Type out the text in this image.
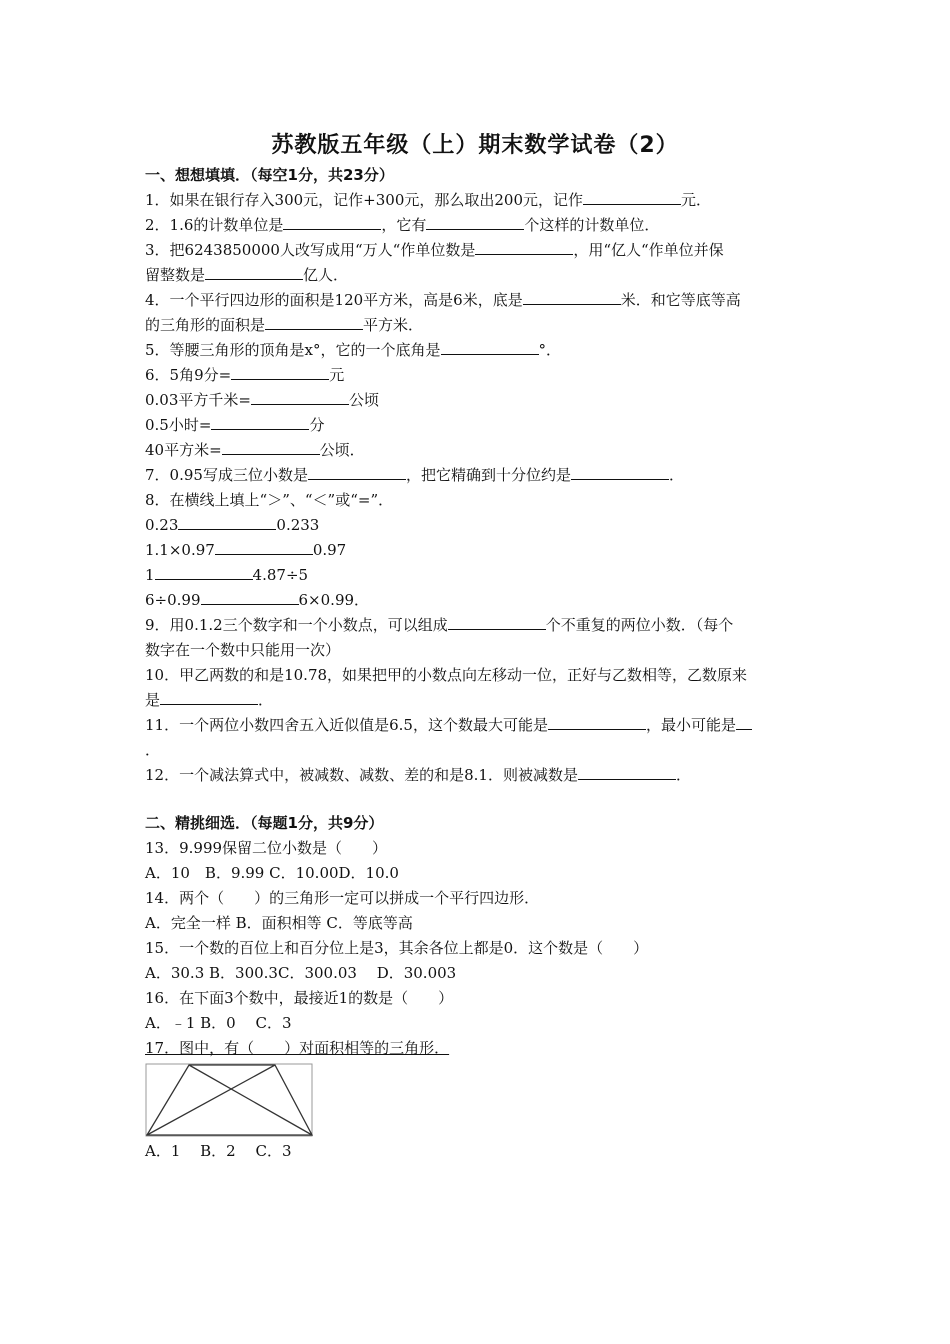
苏教版五年级（上）期末数学试卷（2）
一、想想填填．（每空1分，共23分）
1．如果在银行存入300元，记作+300元，那么取出200元，记作	元．
2．1.6的计数单位是	，它有	个这样的计数单位．
3．把6243850000人改写成用“万人“作单位数是	，用“亿人“作单位并保
留整数是	亿人．
4．一个平行四边形的面积是120平方米，高是6米，底是	米．和它等底等高
的三角形的面积是	平方米．
5．等腰三角形的顶角是x°，它的一个底角是	°．
6．5角9分=	元
0.03平方千米=	公顷
0.5小时=	分
40平方米=	公顷．
7．0.95写成三位小数是	，把它精确到十分位约是	．
8．在横线上填上“＞”、“＜”或“=”．
0.23	0.233
1.1×0.97	0.97
1	4.87÷5
6÷0.99	6×0.99．
9．用0.1.2三个数字和一个小数点，可以组成	个不重复的两位小数．（每个
数字在一个数中只能用一次）
10．甲乙两数的和是10.78，如果把甲的小数点向左移动一位，正好与乙数相等，乙数原来
是	．
11．一个两位小数四舍五入近似值是6.5，这个数最大可能是	，最小可能是
．
12．一个减法算式中，被减数、减数、差的和是8.1．则被减数是	．
二、精挑细选．（每题1分，共9分）
13．9.999保留二位小数是（　　）
A．10　B．9.99 C．10.00D．10.0
14．两个（　　）的三角形一定可以拼成一个平行四边形．
A．完全一样 B．面积相等 C．等底等高
15．一个数的百位上和百分位上是3，其余各位上都是0．这个数是（　　）
A．30.3 B．300.3C．300.03　 D．30.003
16．在下面3个数中，最接近1的数是（　　）
A．﹣1 B．0　 C．3
17．图中，有（　　）对面积相等的三角形．
A．1　 B．2　 C．3
